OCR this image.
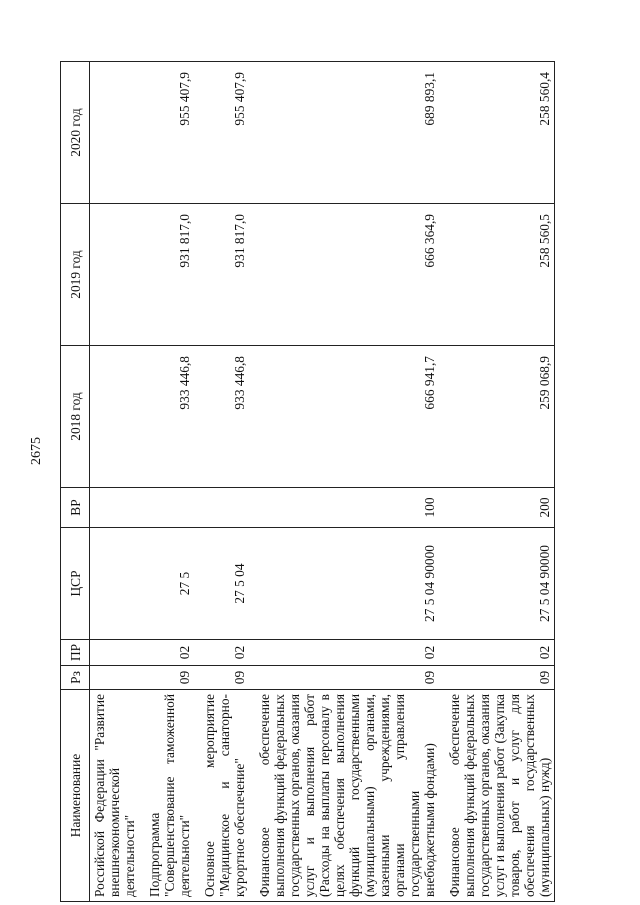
2675
Наименование	Рз	ПР	ЦСР	ВР	2018 год	2019 год	2020 год
Российской Федерации "Развитие внешнеэкономической деятельности"							
Подпрограмма "Совершенствование таможенной деятельности"	09	02	27 5		933 446,8	931 817,0	955 407,9
Основное мероприятие "Медицинское и санаторно-курортное обеспечение"	09	02	27 5 04		933 446,8	931 817,0	955 407,9
Финансовое обеспечение выполнения функций федеральных государственных органов, оказания услуг и выполнения работ (Расходы на выплаты персоналу в целях обеспечения выполнения функций государственными (муниципальными) органами, казенными учреждениями, органами управления государственными внебюджетными фондами)	09	02	27 5 04 90000	100	666 941,7	666 364,9	689 893,1
Финансовое обеспечение выполнения функций федеральных государственных органов, оказания услуг и выполнения работ (Закупка товаров, работ и услуг для обеспечения государственных (муниципальных) нужд)	09	02	27 5 04 90000	200	259 068,9	258 560,5	258 560,4
